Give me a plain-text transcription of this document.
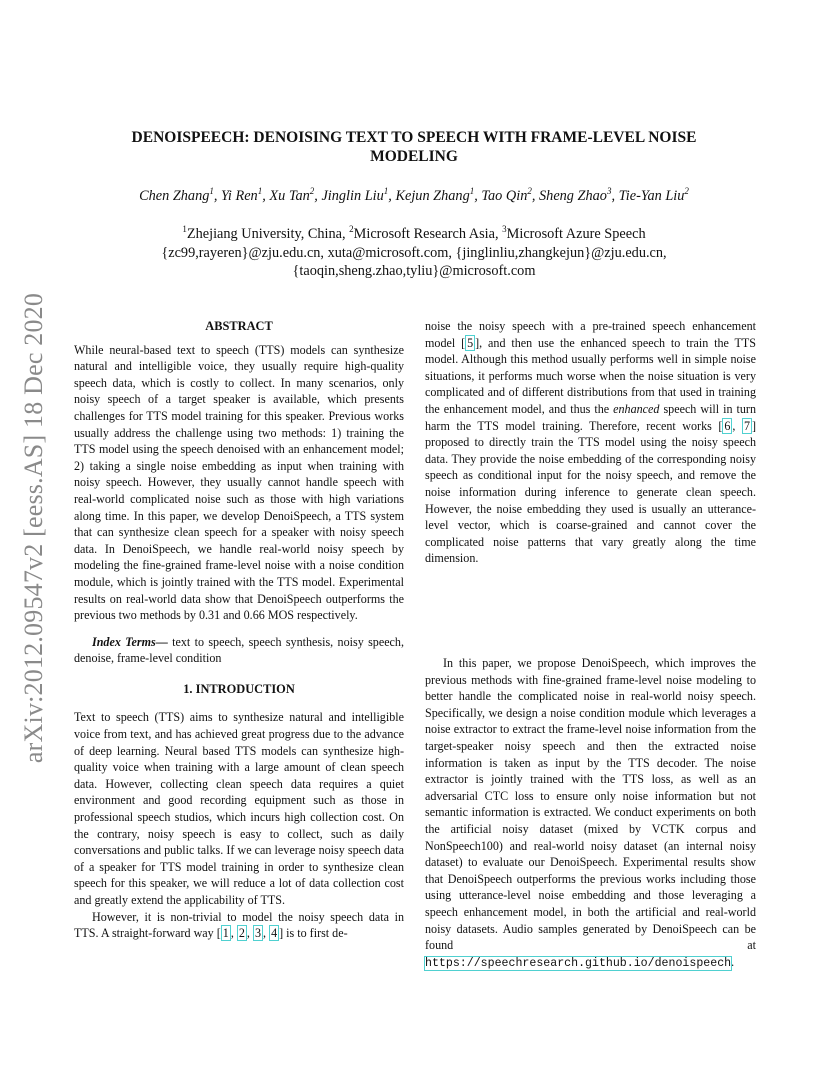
arXiv:2012.09547v2 [eess.AS] 18 Dec 2020
DENOISPEECH: DENOISING TEXT TO SPEECH WITH FRAME-LEVEL NOISE
MODELING
Chen Zhang$^1$, Yi Ren$^1$, Xu Tan$^2$, Jinglin Liu$^1$, Kejun Zhang$^1$, Tao Qin$^2$, Sheng Zhao$^3$, Tie-Yan Liu$^2$
$^1$Zhejiang University, China, $^2$Microsoft Research Asia, $^3$Microsoft Azure Speech
{zc99,rayeren}@zju.edu.cn, xuta@microsoft.com, {jinglinliu,zhangkejun}@zju.edu.cn,
{taoqin,sheng.zhao,tyliu}@microsoft.com
ABSTRACT

While neural-based text to speech (TTS) models can synthesize natural and intelligible voice, they usually require high-quality speech data, which is costly to collect. In many scenarios, only noisy speech of a target speaker is available, which presents challenges for TTS model training for this speaker. Previous works usually address the challenge using two methods: 1) training the TTS model using the speech denoised with an enhancement model; 2) taking a single noise embedding as input when training with noisy speech. However, they usually cannot handle speech with real-world complicated noise such as those with high variations along time. In this paper, we develop DenoiSpeech, a TTS system that can synthesize clean speech for a speaker with noisy speech data. In DenoiSpeech, we handle real-world noisy speech by modeling the fine-grained frame-level noise with a noise condition module, which is jointly trained with the TTS model. Experimental results on real-world data show that DenoiSpeech outperforms the previous two methods by 0.31 and 0.66 MOS respectively.

Index Terms— text to speech, speech synthesis, noisy speech, denoise, frame-level condition

1. INTRODUCTION

Text to speech (TTS) aims to synthesize natural and intelligible voice from text, and has achieved great progress due to the advance of deep learning. Neural based TTS models can synthesize high-quality voice when training with a large amount of clean speech data. However, collecting clean speech data requires a quiet environment and good recording equipment such as those in professional speech studios, which incurs high collection cost. On the contrary, noisy speech is easy to collect, such as daily conversations and public talks. If we can leverage noisy speech data of a speaker for TTS model training in order to synthesize clean speech for this speaker, we will reduce a lot of data collection cost and greatly extend the applicability of TTS.

However, it is non-trivial to model the noisy speech data in TTS. A straight-forward way [ 1 , 2 , 3 , 4 ] is to first de-

noise the noisy speech with a pre-trained speech enhancement model [ 5 ], and then use the enhanced speech to train the TTS model. Although this method usually performs well in simple noise situations, it performs much worse when the noise situation is very complicated and of different distributions from that used in training the enhancement model, and thus the enhanced speech will in turn harm the TTS model training. Therefore, recent works [ 6 , 7 ] proposed to directly train the TTS model using the noisy speech data. They provide the noise embedding of the corresponding noisy speech as conditional input for the noisy speech, and remove the noise information during inference to generate clean speech. However, the noise embedding they used is usually an utterance-level vector, which is coarse-grained and cannot cover the complicated noise patterns that vary greatly along the time dimension.

In this paper, we propose DenoiSpeech, which improves the previous methods with fine-grained frame-level noise modeling to better handle the complicated noise in real-world noisy speech. Specifically, we design a noise condition module which leverages a noise extractor to extract the frame-level noise information from the target-speaker noisy speech and then the extracted noise information is taken as input by the TTS decoder. The noise extractor is jointly trained with the TTS loss, as well as an adversarial CTC loss to ensure only noise information but not semantic information is extracted. We conduct experiments on both the artificial noisy dataset (mixed by VCTK corpus and NonSpeech100) and real-world noisy dataset (an internal noisy dataset) to evaluate our DenoiSpeech. Experimental results show that DenoiSpeech outperforms the previous works including those using utterance-level noise embedding and those leveraging a speech enhancement model, in both the artificial and real-world noisy datasets. Audio samples generated by DenoiSpeech can be found at https://speechresearch.github.io/denoispeech.
